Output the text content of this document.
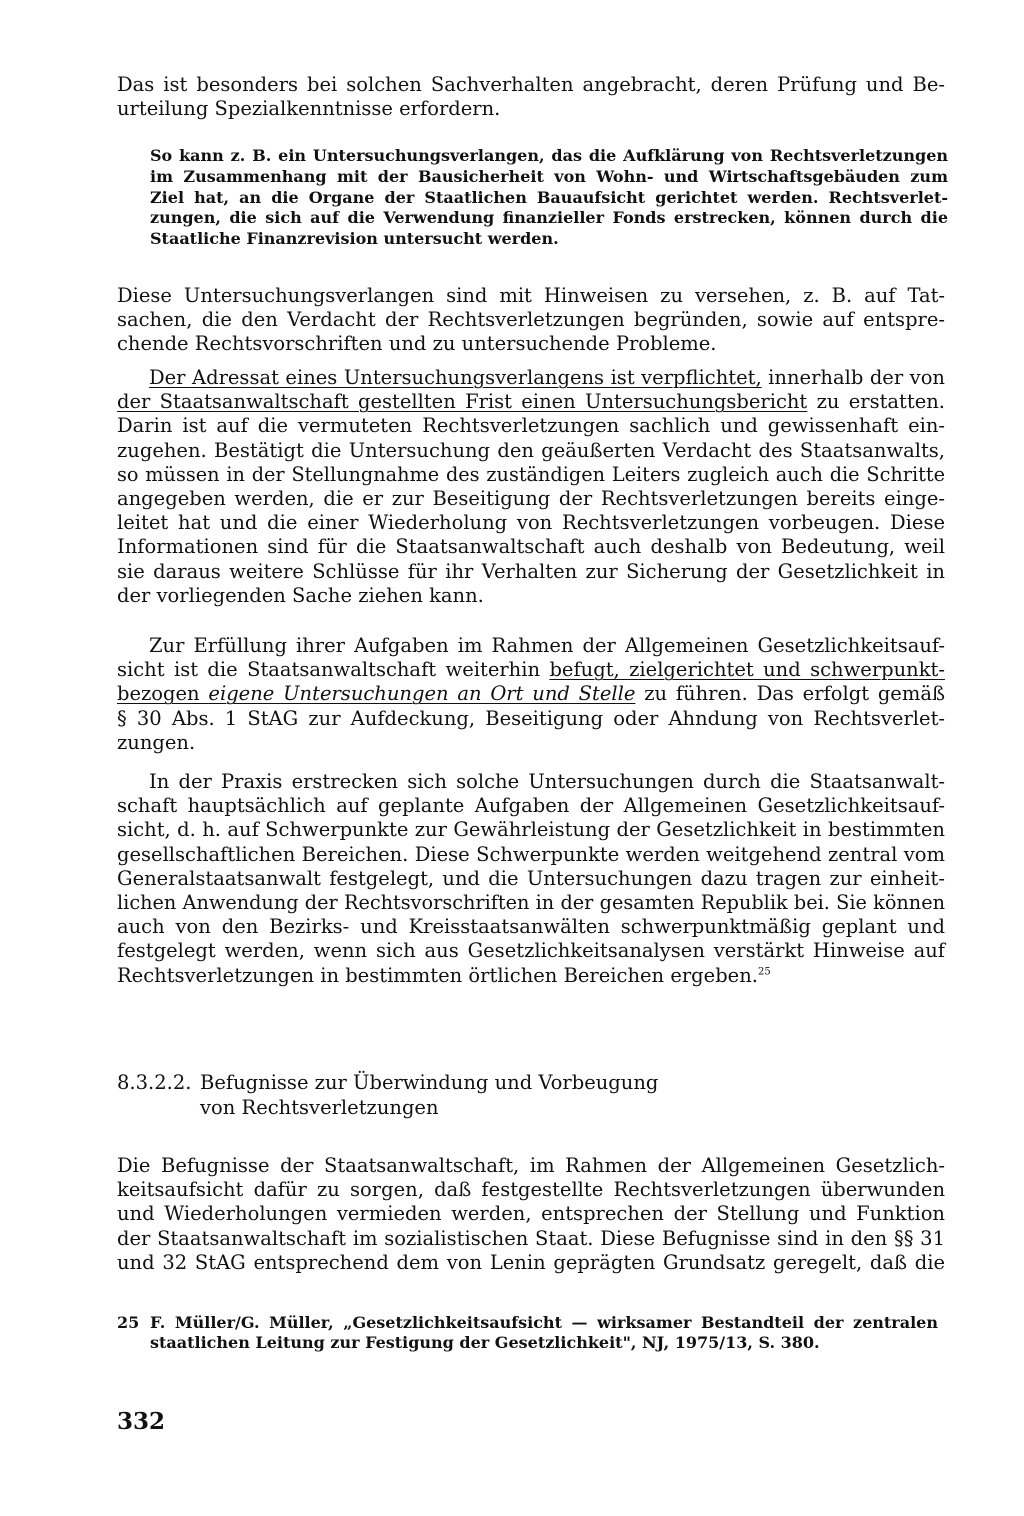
Das ist besonders bei solchen Sachverhalten angebracht, deren Prüfung und Be-
urteilung Spezialkenntnisse erfordern.
So kann z. B. ein Untersuchungsverlangen, das die Aufklärung von Rechtsverletzungen
im Zusammenhang mit der Bausicherheit von Wohn- und Wirtschaftsgebäuden zum
Ziel hat, an die Organe der Staatlichen Bauaufsicht gerichtet werden. Rechtsverlet-
zungen, die sich auf die Verwendung finanzieller Fonds erstrecken, können durch die
Staatliche Finanzrevision untersucht werden.
Diese Untersuchungsverlangen sind mit Hinweisen zu versehen, z. B. auf Tat-
sachen, die den Verdacht der Rechtsverletzungen begründen, sowie auf entspre-
chende Rechtsvorschriften und zu untersuchende Probleme.
Der Adressat eines Untersuchungsverlangens ist verpflichtet, innerhalb der von
der Staatsanwaltschaft gestellten Frist einen Untersuchungsbericht zu erstatten.
Darin ist auf die vermuteten Rechtsverletzungen sachlich und gewissenhaft ein-
zugehen. Bestätigt die Untersuchung den geäußerten Verdacht des Staatsanwalts,
so müssen in der Stellungnahme des zuständigen Leiters zugleich auch die Schritte
angegeben werden, die er zur Beseitigung der Rechtsverletzungen bereits einge-
leitet hat und die einer Wiederholung von Rechtsverletzungen vorbeugen. Diese
Informationen sind für die Staatsanwaltschaft auch deshalb von Bedeutung, weil
sie daraus weitere Schlüsse für ihr Verhalten zur Sicherung der Gesetzlichkeit in
der vorliegenden Sache ziehen kann.
Zur Erfüllung ihrer Aufgaben im Rahmen der Allgemeinen Gesetzlichkeitsauf-
sicht ist die Staatsanwaltschaft weiterhin befugt, zielgerichtet und schwerpunkt-
bezogen eigene Untersuchungen an Ort und Stelle zu führen. Das erfolgt gemäß
§ 30 Abs. 1 StAG zur Aufdeckung, Beseitigung oder Ahndung von Rechtsverlet-
zungen.
In der Praxis erstrecken sich solche Untersuchungen durch die Staatsanwalt-
schaft hauptsächlich auf geplante Aufgaben der Allgemeinen Gesetzlichkeitsauf-
sicht, d. h. auf Schwerpunkte zur Gewährleistung der Gesetzlichkeit in bestimmten
gesellschaftlichen Bereichen. Diese Schwerpunkte werden weitgehend zentral vom
Generalstaatsanwalt festgelegt, und die Untersuchungen dazu tragen zur einheit-
lichen Anwendung der Rechtsvorschriften in der gesamten Republik bei. Sie können
auch von den Bezirks- und Kreisstaatsanwälten schwerpunktmäßig geplant und
festgelegt werden, wenn sich aus Gesetzlichkeitsanalysen verstärkt Hinweise auf
Rechtsverletzungen in bestimmten örtlichen Bereichen ergeben.$^{25}$
8.3.2.2. Befugnisse zur Überwindung und Vorbeugung
von Rechtsverletzungen
Die Befugnisse der Staatsanwaltschaft, im Rahmen der Allgemeinen Gesetzlich-
keitsaufsicht dafür zu sorgen, daß festgestellte Rechtsverletzungen überwunden
und Wiederholungen vermieden werden, entsprechen der Stellung und Funktion
der Staatsanwaltschaft im sozialistischen Staat. Diese Befugnisse sind in den §§ 31
und 32 StAG entsprechend dem von Lenin geprägten Grundsatz geregelt, daß die
25 F. Müller/G. Müller, „Gesetzlichkeitsaufsicht — wirksamer Bestandteil der zentralen
staatlichen Leitung zur Festigung der Gesetzlichkeit", NJ, 1975/13, S. 380.
332
